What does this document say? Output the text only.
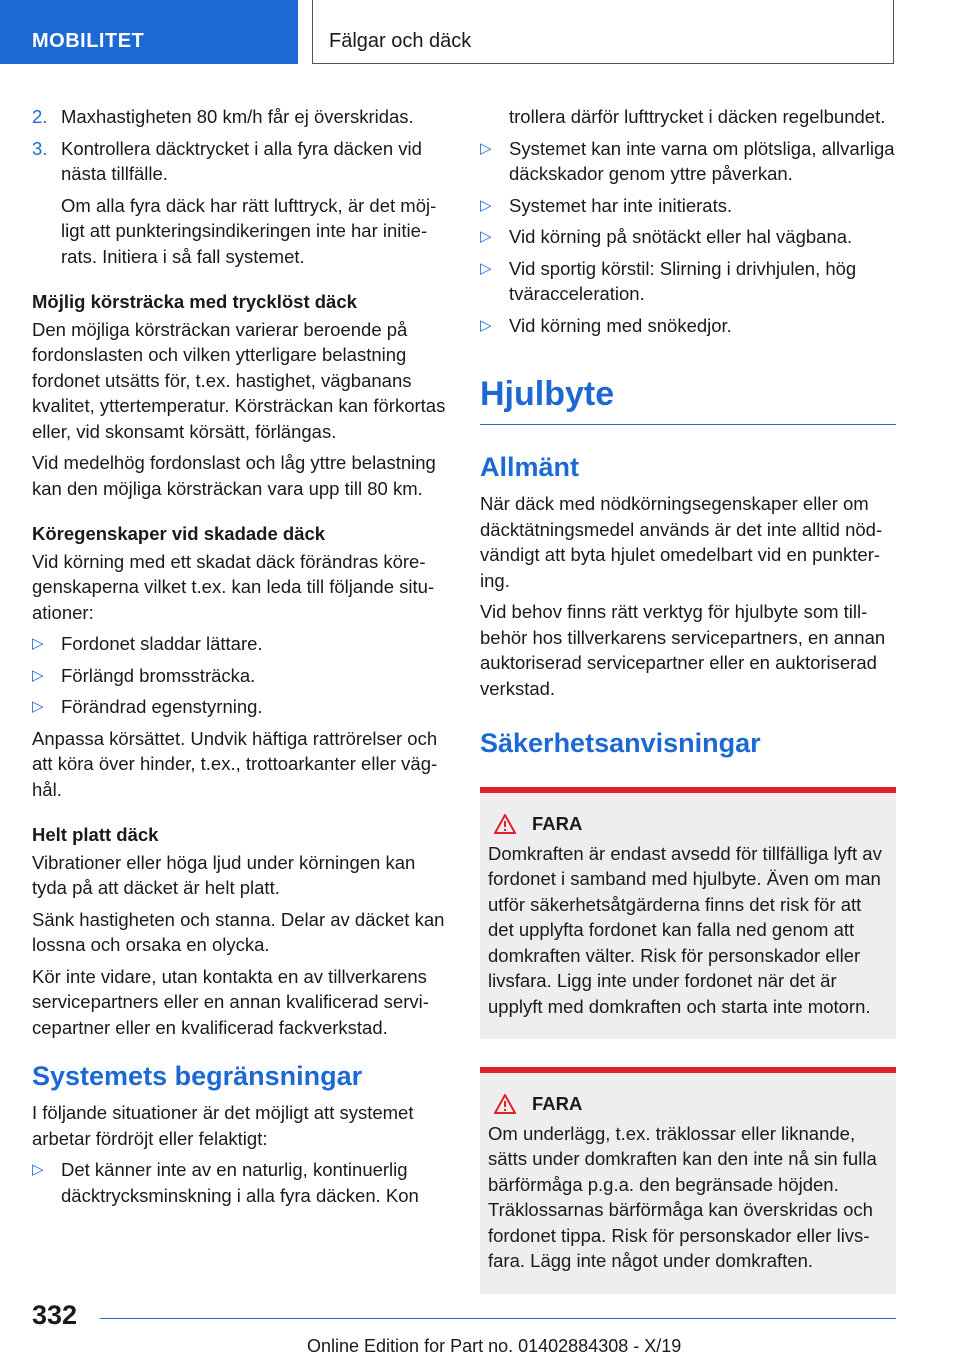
MOBILITET	Fälgar och däck
2. Maxhastigheten 80 km/h får ej överskridas.
3. Kontrollera däcktrycket i alla fyra däcken vid nästa tillfälle.

Om alla fyra däck har rätt lufttryck, är det möjligt att punkteringsindikeringen inte har initierats. Initiera i så fall systemet.

Möjlig körsträcka med trycklöst däck

Den möjliga körsträckan varierar beroende på fordonslasten och vilken ytterligare belastning fordonet utsätts för, t.ex. hastighet, vägbanans kvalitet, yttertemperatur. Körsträckan kan förkortas eller, vid skonsamt körsätt, förlängas.

Vid medelhög fordonslast och låg yttre belastning kan den möjliga körsträckan vara upp till 80 km.

Köregenskaper vid skadade däck

Vid körning med ett skadat däck förändras köregenskaperna vilket t.ex. kan leda till följande situationer:

▷ Fordonet sladdar lättare.
▷ Förlängd bromssträcka.
▷ Förändrad egenstyrning.

Anpassa körsättet. Undvik häftiga rattrörelser och att köra över hinder, t.ex., trottoarkanter eller väghål.

Helt platt däck

Vibrationer eller höga ljud under körningen kan tyda på att däcket är helt platt.

Sänk hastigheten och stanna. Delar av däcket kan lossna och orsaka en olycka.

Kör inte vidare, utan kontakta en av tillverkarens servicepartners eller en annan kvalificerad servicepartner eller en kvalificerad fackverkstad.

Systemets begränsningar

I följande situationer är det möjligt att systemet arbetar fördröjt eller felaktigt:

▷ Det känner inte av en naturlig, kontinuerlig däcktrycksminskning i alla fyra däcken. Kon

trollera därför lufttrycket i däcken regelbundet.

▷ Systemet kan inte varna om plötsliga, allvarliga däckskador genom yttre påverkan.
▷ Systemet har inte initierats.
▷ Vid körning på snötäckt eller hal vägbana.
▷ Vid sportig körstil: Slirning i drivhjulen, hög tväracceleration.
▷ Vid körning med snökedjor.
Hjulbyte
Allmänt

När däck med nödkörningsegenskaper eller om däcktätningsmedel används är det inte alltid nödvändigt att byta hjulet omedelbart vid en punktering.

Vid behov finns rätt verktyg för hjulbyte som tillbehör hos tillverkarens servicepartners, en annan auktoriserad servicepartner eller en auktoriserad verkstad.

Säkerhetsanvisningar
FARA
Domkraften är endast avsedd för tillfälliga lyft av fordonet i samband med hjulbyte. Även om man utför säkerhetsåtgärderna finns det risk för att det upplyfta fordonet kan falla ned genom att domkraften välter. Risk för personskador eller livsfara. Ligg inte under fordonet när det är upplyft med domkraften och starta inte motorn.
FARA
Om underlägg, t.ex. träklossar eller liknande, sätts under domkraften kan den inte nå sin fulla bärförmåga p.g.a. den begränsade höjden. Träklossarnas bärförmåga kan överskridas och fordonet tippa. Risk för personskador eller livsfara. Lägg inte något under domkraften.
332
Online Edition for Part no. 01402884308 - X/19
